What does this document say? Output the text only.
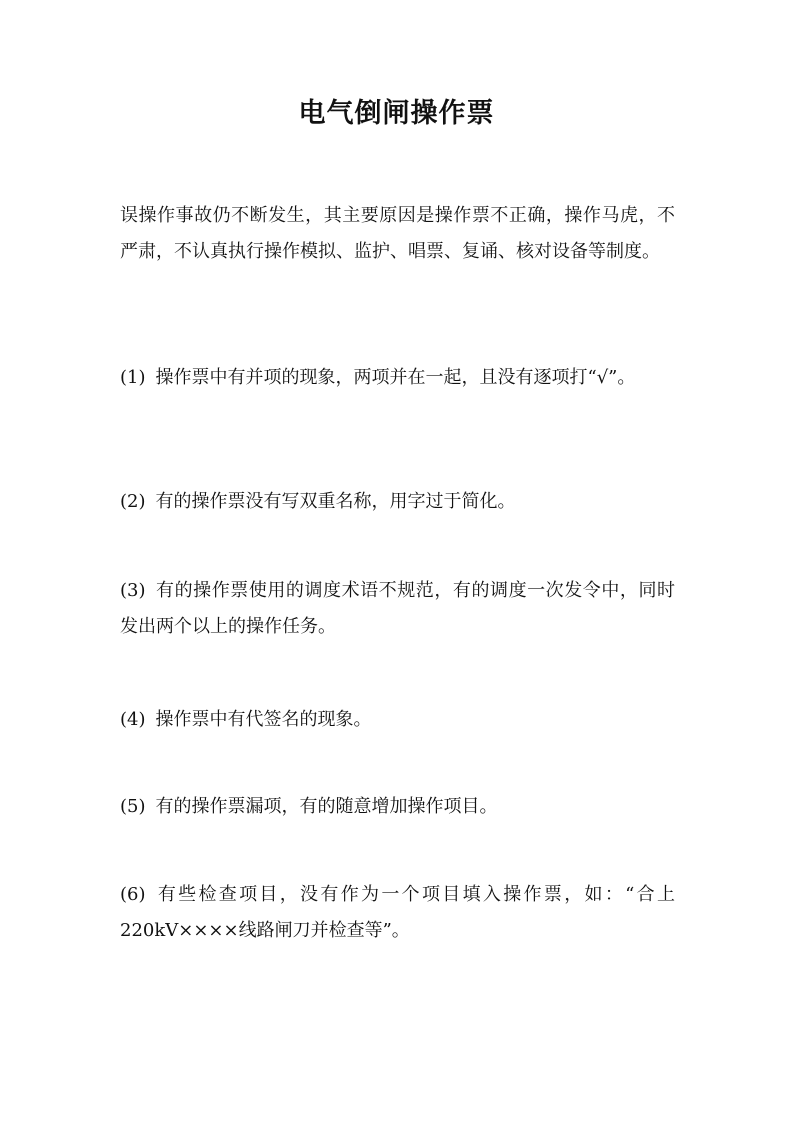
电气倒闸操作票

误操作事故仍不断发生，其主要原因是操作票不正确，操作马虎，不严肃，不认真执行操作模拟、监护、唱票、复诵、核对设备等制度。

(1) 操作票中有并项的现象，两项并在一起，且没有逐项打“√”。

(2) 有的操作票没有写双重名称，用字过于简化。

(3) 有的操作票使用的调度术语不规范，有的调度一次发令中，同时发出两个以上的操作任务。

(4) 操作票中有代签名的现象。

(5) 有的操作票漏项，有的随意增加操作项目。

(6) 有些检查项目，没有作为一个项目填入操作票，如：“合上220kV××××线路闸刀并检查等”。
